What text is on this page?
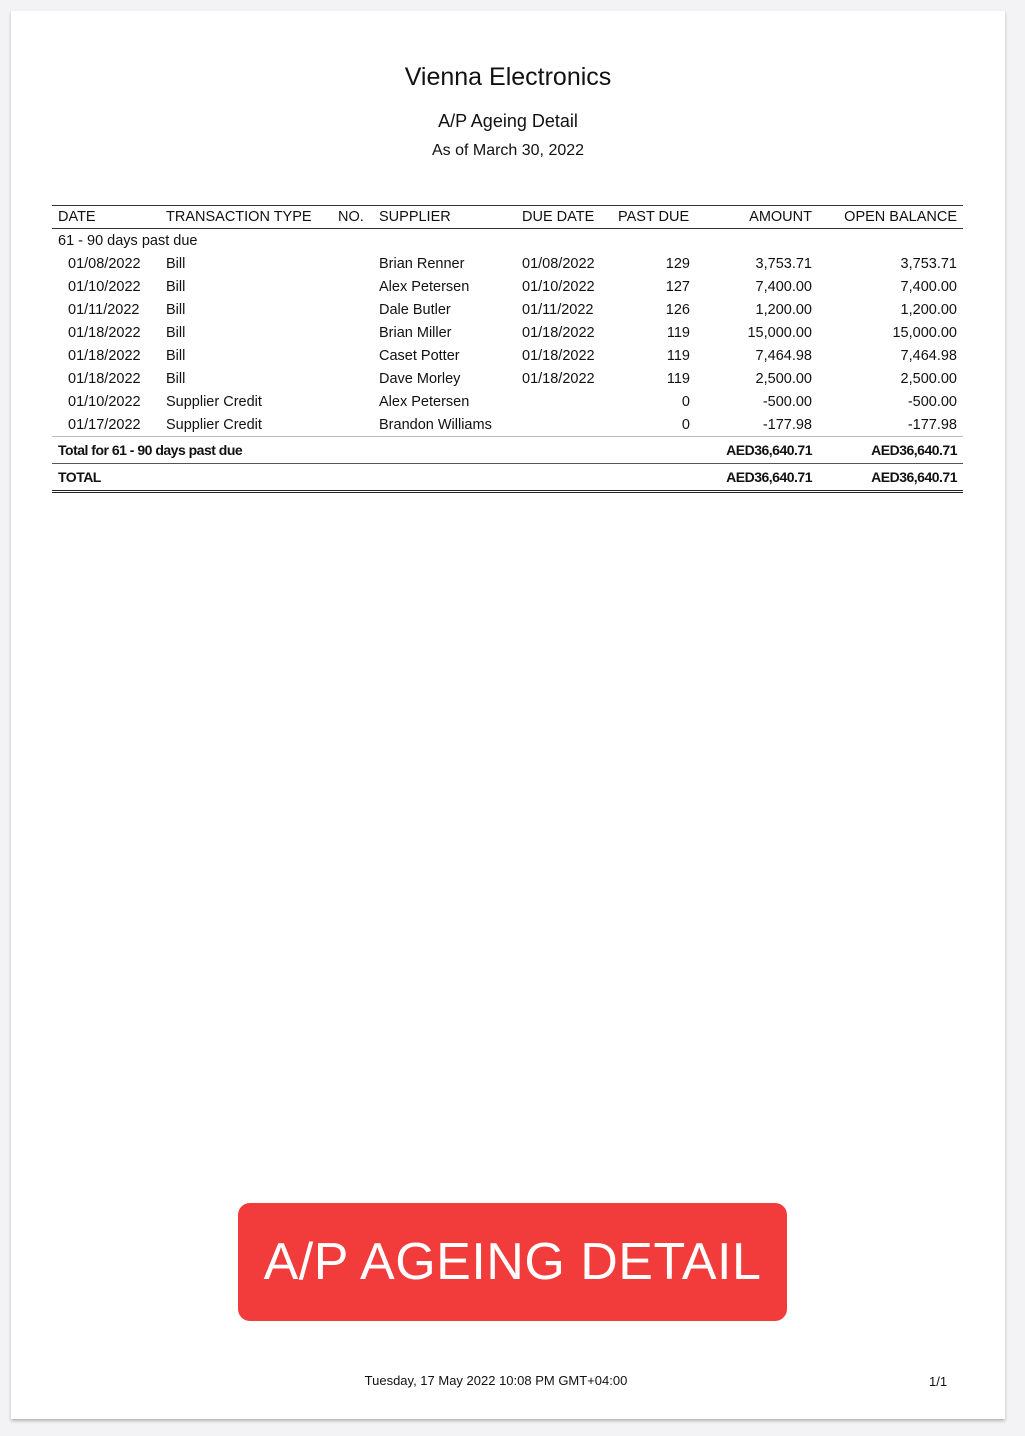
Vienna Electronics
A/P Ageing Detail
As of March 30, 2022
DATE	TRANSACTION TYPE	NO.	SUPPLIER	DUE DATE	PAST DUE	AMOUNT	OPEN BALANCE
61 - 90 days past due							
01/08/2022	Bill		Brian Renner	01/08/2022	129	3,753.71	3,753.71
01/10/2022	Bill		Alex Petersen	01/10/2022	127	7,400.00	7,400.00
01/11/2022	Bill		Dale Butler	01/11/2022	126	1,200.00	1,200.00
01/18/2022	Bill		Brian Miller	01/18/2022	119	15,000.00	15,000.00
01/18/2022	Bill		Caset Potter	01/18/2022	119	7,464.98	7,464.98
01/18/2022	Bill		Dave Morley	01/18/2022	119	2,500.00	2,500.00
01/10/2022	Supplier Credit		Alex Petersen		0	-500.00	-500.00
01/17/2022	Supplier Credit		Brandon Williams		0	-177.98	-177.98
Total for 61 - 90 days past due						AED36,640.71	AED36,640.71
TOTAL						AED36,640.71	AED36,640.71
A/P AGEING DETAIL
Tuesday, 17 May 2022 10:08 PM GMT+04:00	1/1
